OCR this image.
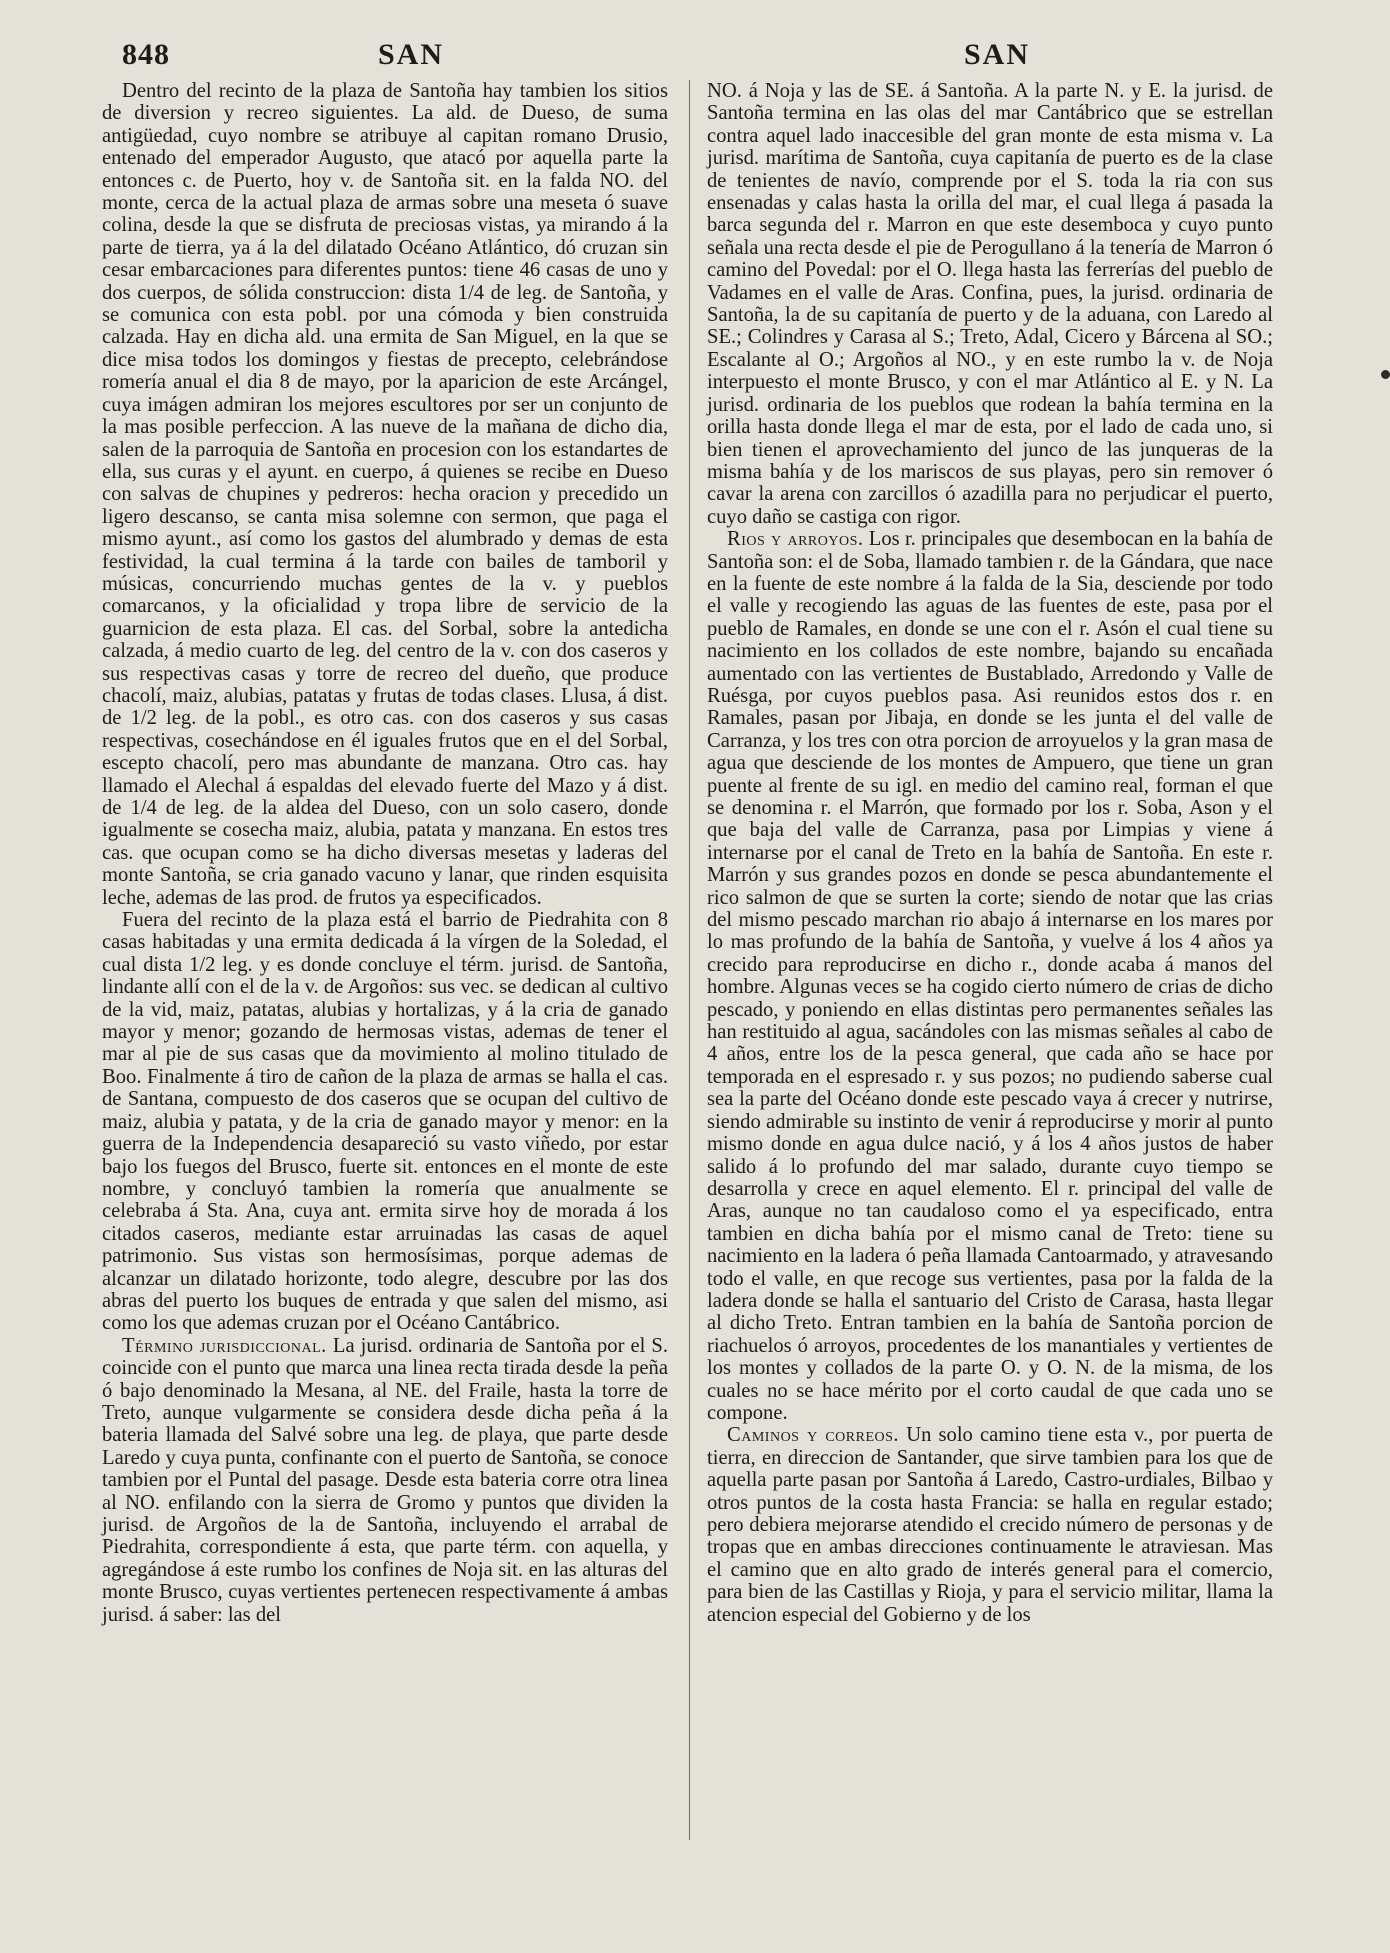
848	SAN	SAN

Dentro del recinto de la plaza de Santoña hay tambien los sitios de diversion y recreo siguientes. La ald. de Dueso, de suma antigüedad, cuyo nombre se atribuye al capitan romano Drusio, entenado del emperador Augusto, que atacó por aquella parte la entonces c. de Puerto, hoy v. de Santoña sit. en la falda NO. del monte, cerca de la actual plaza de armas sobre una meseta ó suave colina, desde la que se disfruta de preciosas vistas, ya mirando á la parte de tierra, ya á la del dilatado Océano Atlántico, dó cruzan sin cesar embarcaciones para diferentes puntos: tiene 46 casas de uno y dos cuerpos, de sólida construccion: dista 1/4 de leg. de Santoña, y se comunica con esta pobl. por una cómoda y bien construida calzada. Hay en dicha ald. una ermita de San Miguel, en la que se dice misa todos los domingos y fiestas de precepto, celebrándose romería anual el dia 8 de mayo, por la aparicion de este Arcángel, cuya imágen admiran los mejores escultores por ser un conjunto de la mas posible perfeccion. A las nueve de la mañana de dicho dia, salen de la parroquia de Santoña en procesion con los estandartes de ella, sus curas y el ayunt. en cuerpo, á quienes se recibe en Dueso con salvas de chupines y pedreros: hecha oracion y precedido un ligero descanso, se canta misa solemne con sermon, que paga el mismo ayunt., así como los gastos del alumbrado y demas de esta festividad, la cual termina á la tarde con bailes de tamboril y músicas, concurriendo muchas gentes de la v. y pueblos comarcanos, y la oficialidad y tropa libre de servicio de la guarnicion de esta plaza. El cas. del Sorbal, sobre la antedicha calzada, á medio cuarto de leg. del centro de la v. con dos caseros y sus respectivas casas y torre de recreo del dueño, que produce chacolí, maiz, alubias, patatas y frutas de todas clases. Llusa, á dist. de 1/2 leg. de la pobl., es otro cas. con dos caseros y sus casas respectivas, cosechándose en él iguales frutos que en el del Sorbal, escepto chacolí, pero mas abundante de manzana. Otro cas. hay llamado el Alechal á espaldas del elevado fuerte del Mazo y á dist. de 1/4 de leg. de la aldea del Dueso, con un solo casero, donde igualmente se cosecha maiz, alubia, patata y manzana. En estos tres cas. que ocupan como se ha dicho diversas mesetas y laderas del monte Santoña, se cria ganado vacuno y lanar, que rinden esquisita leche, ademas de las prod. de frutos ya especificados.

Fuera del recinto de la plaza está el barrio de Piedrahita con 8 casas habitadas y una ermita dedicada á la vírgen de la Soledad, el cual dista 1/2 leg. y es donde concluye el térm. jurisd. de Santoña, lindante allí con el de la v. de Argoños: sus vec. se dedican al cultivo de la vid, maiz, patatas, alubias y hortalizas, y á la cria de ganado mayor y menor; gozando de hermosas vistas, ademas de tener el mar al pie de sus casas que da movimiento al molino titulado de Boo. Finalmente á tiro de cañon de la plaza de armas se halla el cas. de Santana, compuesto de dos caseros que se ocupan del cultivo de maiz, alubia y patata, y de la cria de ganado mayor y menor: en la guerra de la Independencia desapareció su vasto viñedo, por estar bajo los fuegos del Brusco, fuerte sit. entonces en el monte de este nombre, y concluyó tambien la romería que anualmente se celebraba á Sta. Ana, cuya ant. ermita sirve hoy de morada á los citados caseros, mediante estar arruinadas las casas de aquel patrimonio. Sus vistas son hermosísimas, porque ademas de alcanzar un dilatado horizonte, todo alegre, descubre por las dos abras del puerto los buques de entrada y que salen del mismo, asi como los que ademas cruzan por el Océano Cantábrico.

Término jurisdiccional. La jurisd. ordinaria de Santoña por el S. coincide con el punto que marca una linea recta tirada desde la peña ó bajo denominado la Mesana, al NE. del Fraile, hasta la torre de Treto, aunque vulgarmente se considera desde dicha peña á la bateria llamada del Salvé sobre una leg. de playa, que parte desde Laredo y cuya punta, confinante con el puerto de Santoña, se conoce tambien por el Puntal del pasage. Desde esta bateria corre otra linea al NO. enfilando con la sierra de Gromo y puntos que dividen la jurisd. de Argoños de la de Santoña, incluyendo el arrabal de Piedrahita, correspondiente á esta, que parte térm. con aquella, y agregándose á este rumbo los confines de Noja sit. en las alturas del monte Brusco, cuyas vertientes pertenecen respectivamente á ambas jurisd. á saber: las del

NO. á Noja y las de SE. á Santoña. A la parte N. y E. la jurisd. de Santoña termina en las olas del mar Cantábrico que se estrellan contra aquel lado inaccesible del gran monte de esta misma v. La jurisd. marítima de Santoña, cuya capitanía de puerto es de la clase de tenientes de navío, comprende por el S. toda la ria con sus ensenadas y calas hasta la orilla del mar, el cual llega á pasada la barca segunda del r. Marron en que este desemboca y cuyo punto señala una recta desde el pie de Perogullano á la tenería de Marron ó camino del Povedal: por el O. llega hasta las ferrerías del pueblo de Vadames en el valle de Aras. Confina, pues, la jurisd. ordinaria de Santoña, la de su capitanía de puerto y de la aduana, con Laredo al SE.; Colindres y Carasa al S.; Treto, Adal, Cicero y Bárcena al SO.; Escalante al O.; Argoños al NO., y en este rumbo la v. de Noja interpuesto el monte Brusco, y con el mar Atlántico al E. y N. La jurisd. ordinaria de los pueblos que rodean la bahía termina en la orilla hasta donde llega el mar de esta, por el lado de cada uno, si bien tienen el aprovechamiento del junco de las junqueras de la misma bahía y de los mariscos de sus playas, pero sin remover ó cavar la arena con zarcillos ó azadilla para no perjudicar el puerto, cuyo daño se castiga con rigor.

Rios y arroyos. Los r. principales que desembocan en la bahía de Santoña son: el de Soba, llamado tambien r. de la Gándara, que nace en la fuente de este nombre á la falda de la Sia, desciende por todo el valle y recogiendo las aguas de las fuentes de este, pasa por el pueblo de Ramales, en donde se une con el r. Asón el cual tiene su nacimiento en los collados de este nombre, bajando su encañada aumentado con las vertientes de Bustablado, Arredondo y Valle de Ruésga, por cuyos pueblos pasa. Asi reunidos estos dos r. en Ramales, pasan por Jibaja, en donde se les junta el del valle de Carranza, y los tres con otra porcion de arroyuelos y la gran masa de agua que desciende de los montes de Ampuero, que tiene un gran puente al frente de su igl. en medio del camino real, forman el que se denomina r. el Marrón, que formado por los r. Soba, Ason y el que baja del valle de Carranza, pasa por Limpias y viene á internarse por el canal de Treto en la bahía de Santoña. En este r. Marrón y sus grandes pozos en donde se pesca abundantemente el rico salmon de que se surten la corte; siendo de notar que las crias del mismo pescado marchan rio abajo á internarse en los mares por lo mas profundo de la bahía de Santoña, y vuelve á los 4 años ya crecido para reproducirse en dicho r., donde acaba á manos del hombre. Algunas veces se ha cogido cierto número de crias de dicho pescado, y poniendo en ellas distintas pero permanentes señales las han restituido al agua, sacándoles con las mismas señales al cabo de 4 años, entre los de la pesca general, que cada año se hace por temporada en el espresado r. y sus pozos; no pudiendo saberse cual sea la parte del Océano donde este pescado vaya á crecer y nutrirse, siendo admirable su instinto de venir á reproducirse y morir al punto mismo donde en agua dulce nació, y á los 4 años justos de haber salido á lo profundo del mar salado, durante cuyo tiempo se desarrolla y crece en aquel elemento. El r. principal del valle de Aras, aunque no tan caudaloso como el ya especificado, entra tambien en dicha bahía por el mismo canal de Treto: tiene su nacimiento en la ladera ó peña llamada Cantoarmado, y atravesando todo el valle, en que recoge sus vertientes, pasa por la falda de la ladera donde se halla el santuario del Cristo de Carasa, hasta llegar al dicho Treto. Entran tambien en la bahía de Santoña porcion de riachuelos ó arroyos, procedentes de los manantiales y vertientes de los montes y collados de la parte O. y O. N. de la misma, de los cuales no se hace mérito por el corto caudal de que cada uno se compone.

Caminos y correos. Un solo camino tiene esta v., por puerta de tierra, en direccion de Santander, que sirve tambien para los que de aquella parte pasan por Santoña á Laredo, Castro-urdiales, Bilbao y otros puntos de la costa hasta Francia: se halla en regular estado; pero debiera mejorarse atendido el crecido número de personas y de tropas que en ambas direcciones continuamente le atraviesan. Mas el camino que en alto grado de interés general para el comercio, para bien de las Castillas y Rioja, y para el servicio militar, llama la atencion especial del Gobierno y de los
